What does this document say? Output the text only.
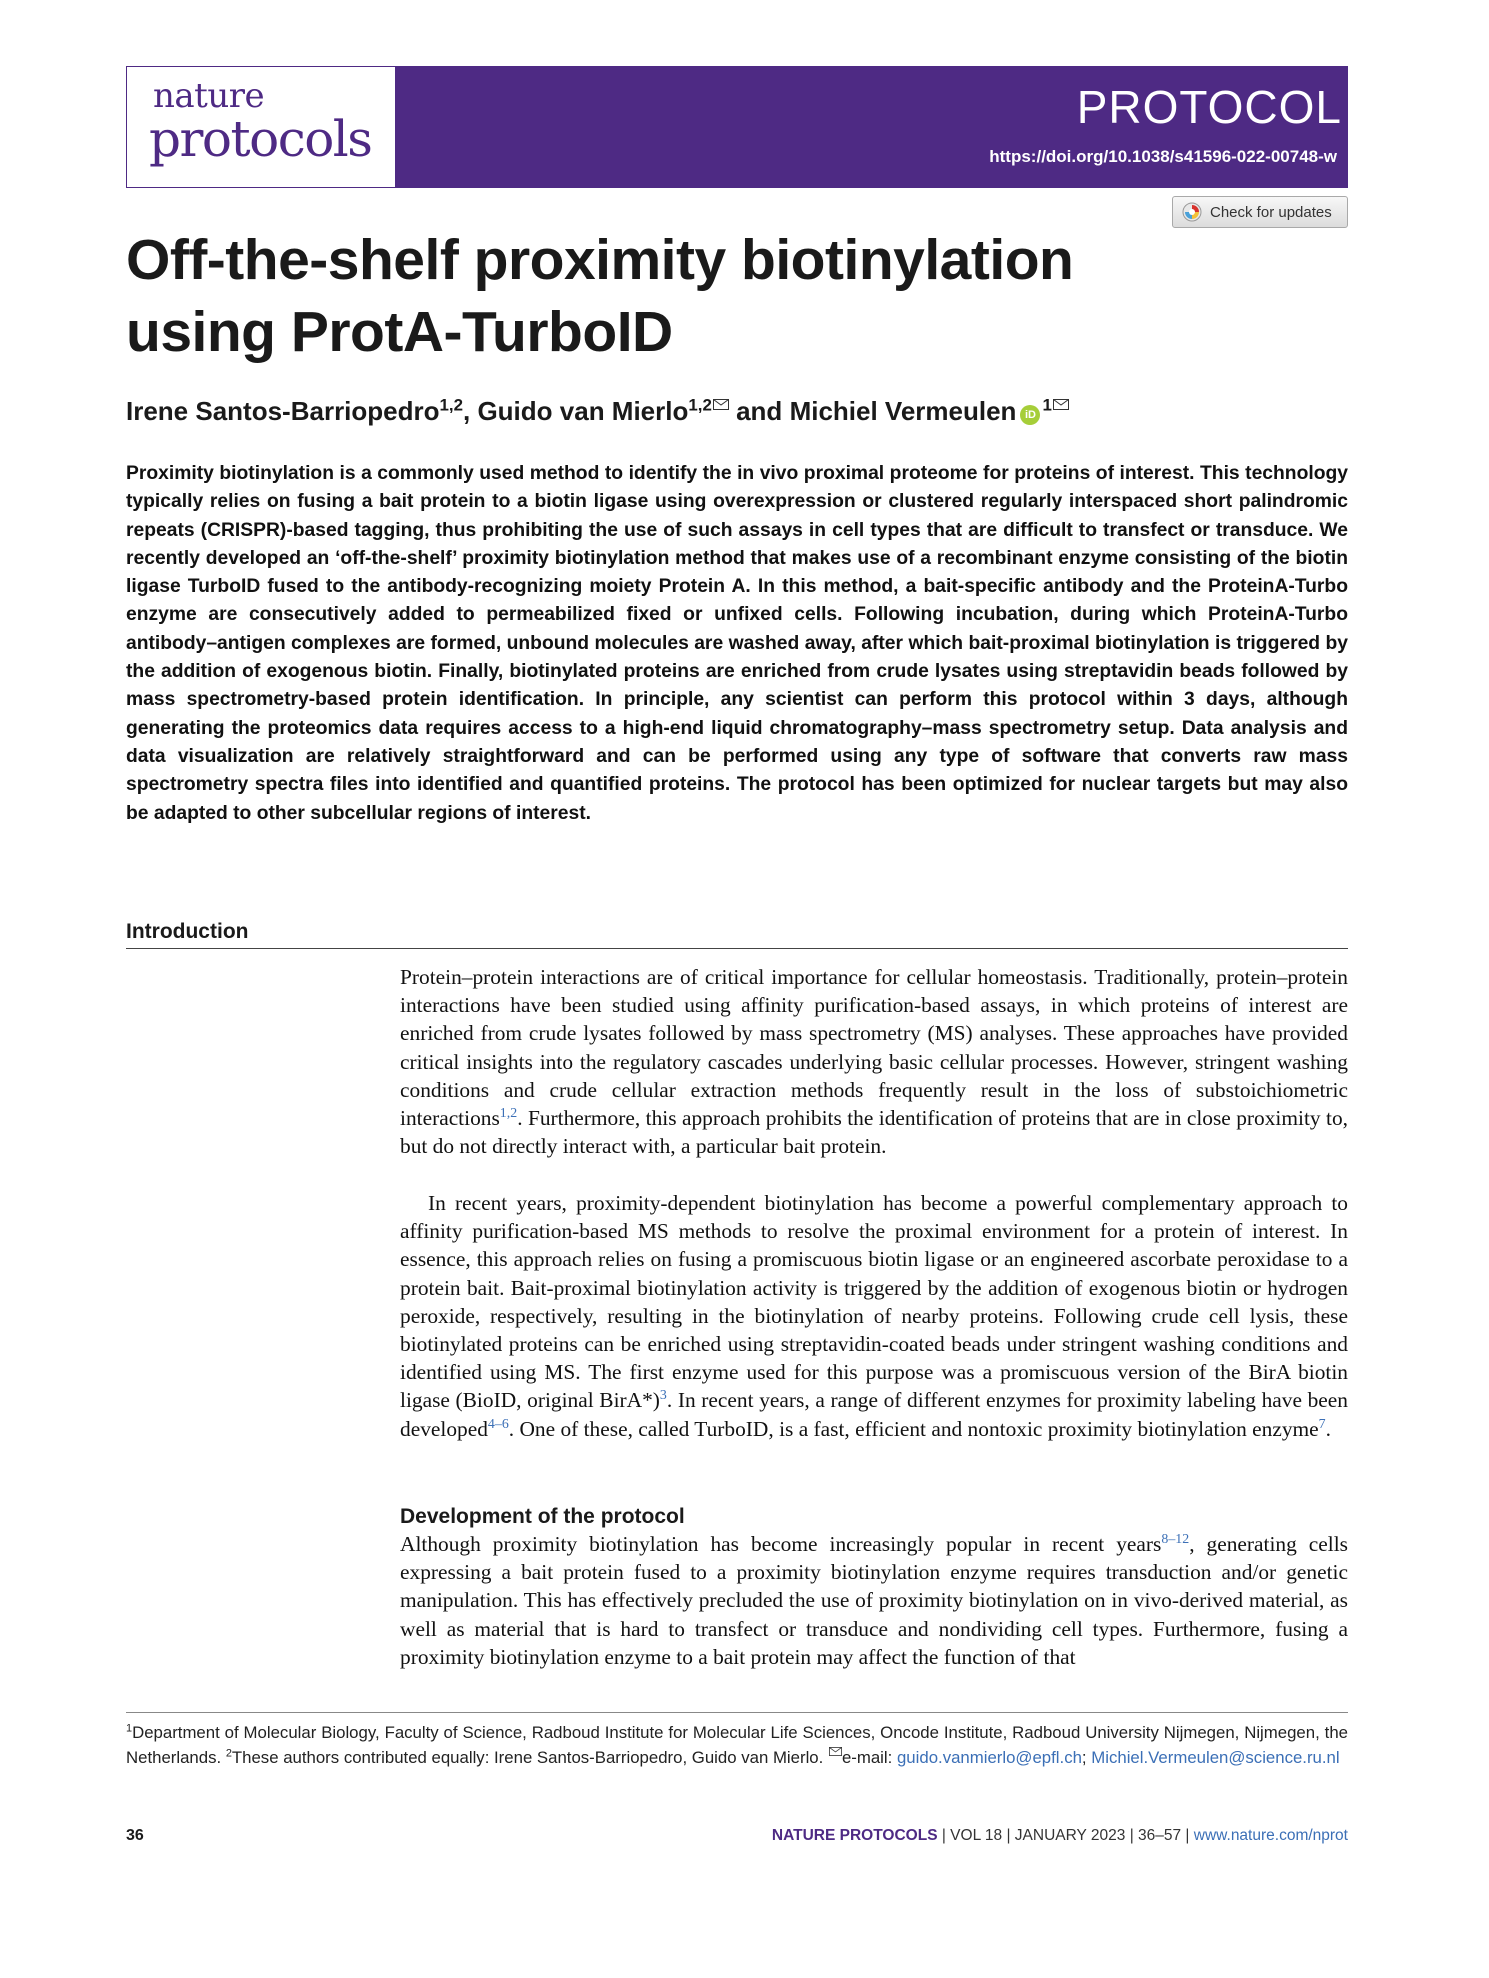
nature
protocols
PROTOCOL
https://doi.org/10.1038/s41596-022-00748-w
Check for updates
Off-the-shelf proximity biotinylation using ProtA-TurboID
Irene Santos-Barriopedro$^{1,2}$, Guido van Mierlo$^{1,2}$ and Michiel Vermeulen $iD^1$

Proximity biotinylation is a commonly used method to identify the in vivo proximal proteome for proteins of interest. This technology typically relies on fusing a bait protein to a biotin ligase using overexpression or clustered regularly interspaced short palindromic repeats (CRISPR)-based tagging, thus prohibiting the use of such assays in cell types that are difficult to transfect or transduce. We recently developed an ‘off-the-shelf’ proximity biotinylation method that makes use of a recombinant enzyme consisting of the biotin ligase TurboID fused to the antibody-recognizing moiety Protein A. In this method, a bait-specific antibody and the ProteinA-Turbo enzyme are consecutively added to permeabilized fixed or unfixed cells. Following incubation, during which ProteinA-Turbo antibody–antigen complexes are formed, unbound molecules are washed away, after which bait-proximal biotinylation is triggered by the addition of exogenous biotin. Finally, biotinylated proteins are enriched from crude lysates using streptavidin beads followed by mass spectrometry-based protein identification. In principle, any scientist can perform this protocol within 3 days, although generating the proteomics data requires access to a high-end liquid chromatography–mass spectrometry setup. Data analysis and data visualization are relatively straightforward and can be performed using any type of software that converts raw mass spectrometry spectra files into identified and quantified proteins. The protocol has been optimized for nuclear targets but may also be adapted to other subcellular regions of interest.

Introduction

Protein–protein interactions are of critical importance for cellular homeostasis. Traditionally, protein–protein interactions have been studied using affinity purification-based assays, in which proteins of interest are enriched from crude lysates followed by mass spectrometry (MS) analyses. These approaches have provided critical insights into the regulatory cascades underlying basic cellular processes. However, stringent washing conditions and crude cellular extraction methods frequently result in the loss of substoichiometric interactions$^{1,2}$. Furthermore, this approach prohibits the identification of proteins that are in close proximity to, but do not directly interact with, a particular bait protein.

In recent years, proximity-dependent biotinylation has become a powerful complementary approach to affinity purification-based MS methods to resolve the proximal environment for a protein of interest. In essence, this approach relies on fusing a promiscuous biotin ligase or an engineered ascorbate peroxidase to a protein bait. Bait-proximal biotinylation activity is triggered by the addition of exogenous biotin or hydrogen peroxide, respectively, resulting in the biotinylation of nearby proteins. Following crude cell lysis, these biotinylated proteins can be enriched using streptavidin-coated beads under stringent washing conditions and identified using MS. The first enzyme used for this purpose was a promiscuous version of the BirA biotin ligase (BioID, original BirA*)$^3$. In recent years, a range of different enzymes for proximity labeling have been developed$^{4-6}$. One of these, called TurboID, is a fast, efficient and nontoxic proximity biotinylation enzyme$^7$.

Development of the protocol

Although proximity biotinylation has become increasingly popular in recent years$^{8-12}$, generating cells expressing a bait protein fused to a proximity biotinylation enzyme requires transduction and/or genetic manipulation. This has effectively precluded the use of proximity biotinylation on in vivo-derived material, as well as material that is hard to transfect or transduce and nondividing cell types. Furthermore, fusing a proximity biotinylation enzyme to a bait protein may affect the function of that

$^1$Department of Molecular Biology, Faculty of Science, Radboud Institute for Molecular Life Sciences, Oncode Institute, Radboud University Nijmegen, Nijmegen, the Netherlands. $^2$These authors contributed equally: Irene Santos-Barriopedro, Guido van Mierlo. e-mail: guido.vanmierlo@epfl.ch; Michiel.Vermeulen@science.ru.nl

36	NATURE PROTOCOLS | VOL 18 | JANUARY 2023 | 36–57 | www.nature.com/nprot
